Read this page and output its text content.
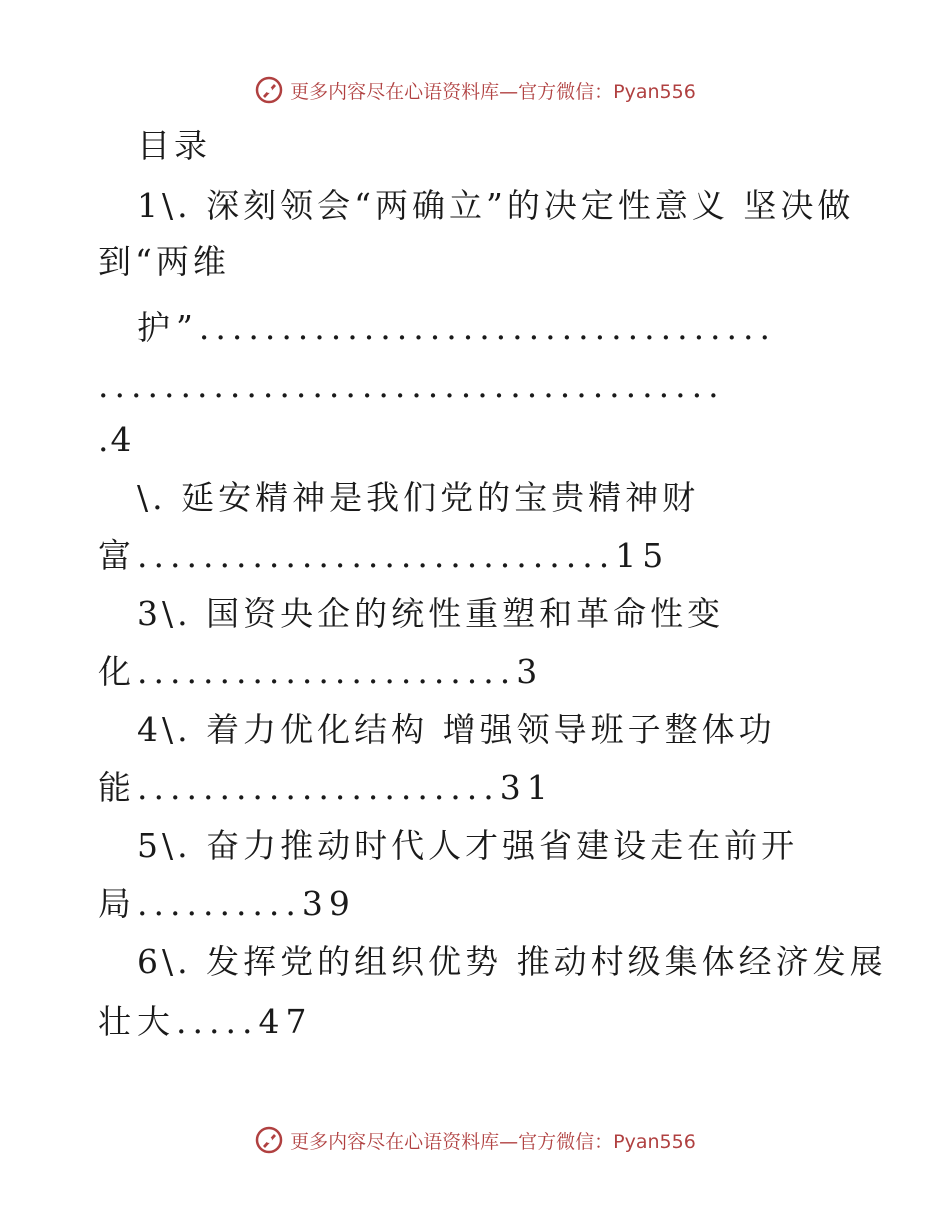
更多内容尽在心语资料库— 官方微信：Pyan556
目录
1\. 深刻领会“两确立”的决定性意义 坚决做
到“两维
护”...................................
......................................
.4
\. 延安精神是我们党的宝贵精神财
富.............................15
3\. 国资央企的统性重塑和革命性变
化.......................3
4\. 着力优化结构 增强领导班子整体功
能......................31
5\. 奋力推动时代人才强省建设走在前开
局..........39
6\. 发挥党的组织优势 推动村级集体经济发展
壮大.....47
更多内容尽在心语资料库— 官方微信：Pyan556
